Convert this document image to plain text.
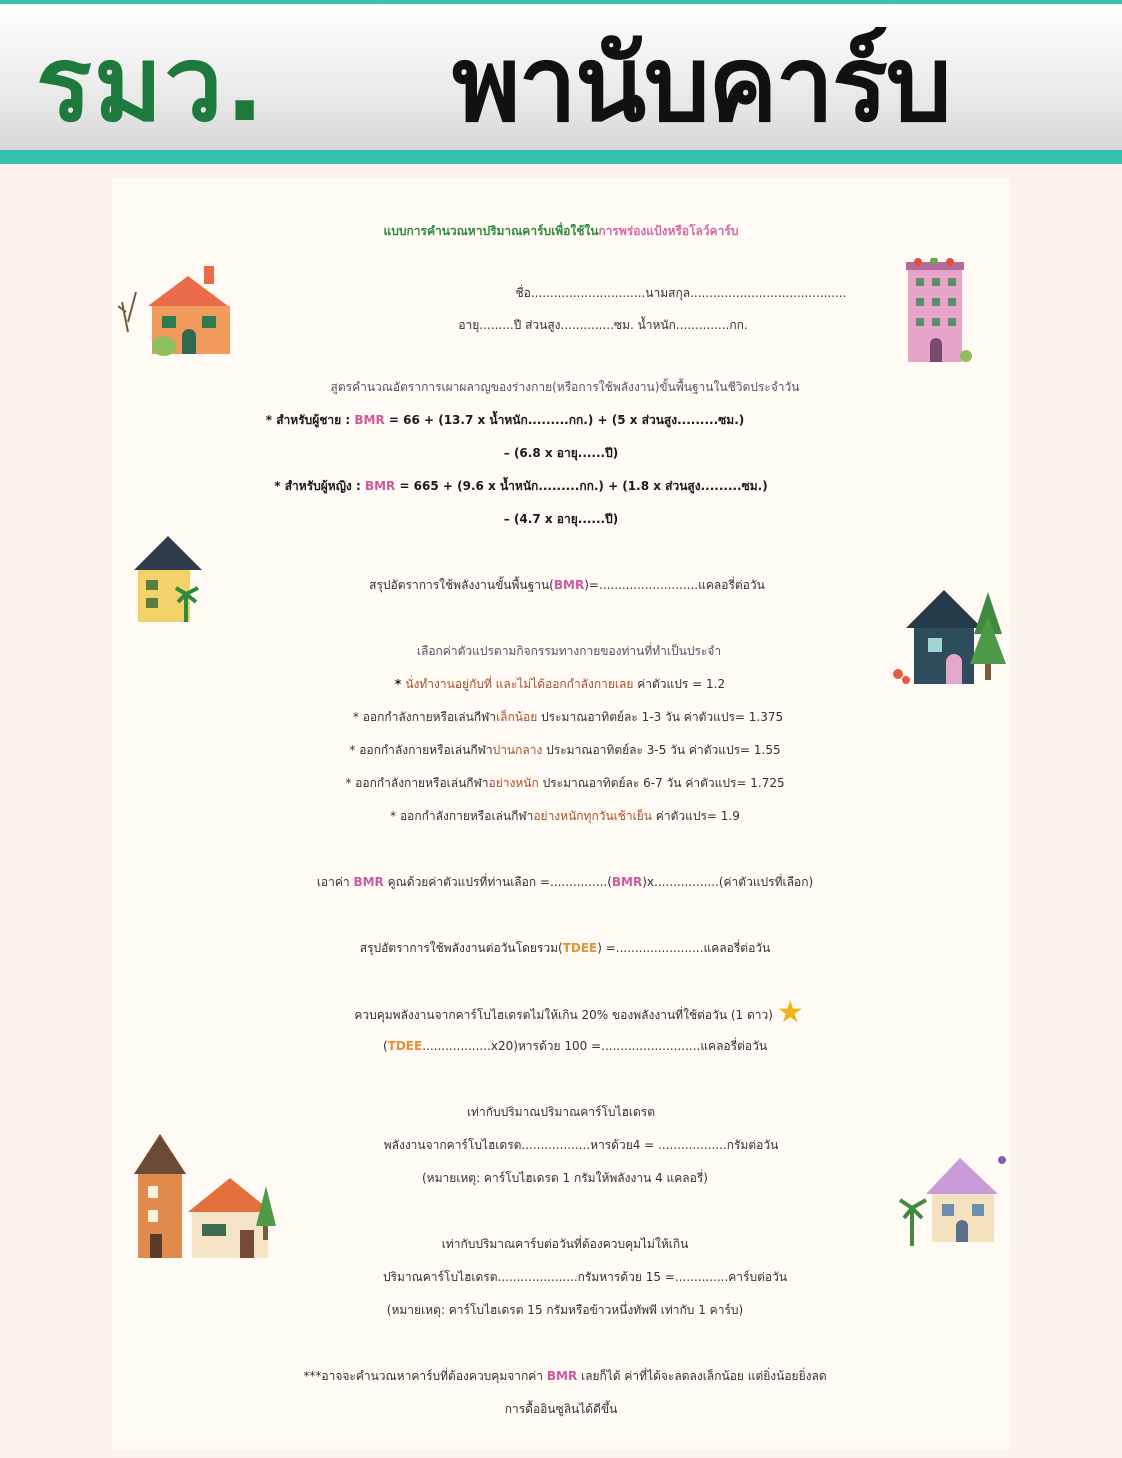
รมว. พานับคาร์บ
แบบการคำนวณหาปริมาณคาร์บเพื่อใช้ในการพร่องแป้งหรือโลว์คาร์บ
ชื่อ..............................นามสกุล.........................................
อายุ.........ปี ส่วนสูง..............ซม. น้ำหนัก..............กก.
สูตรคำนวณอัตราการเผาผลาญของร่างกาย(หรือการใช้พลังงาน)ขั้นพื้นฐานในชีวิตประจำวัน
* สำหรับผู้ชาย : BMR = 66 + (13.7 x น้ำหนัก.........กก.) + (5 x ส่วนสูง.........ซม.)
– (6.8 x อายุ......ปี)
* สำหรับผู้หญิง : BMR = 665 + (9.6 x น้ำหนัก.........กก.) + (1.8 x ส่วนสูง.........ซม.)
– (4.7 x อายุ......ปี)
สรุปอัตราการใช้พลังงานขั้นพื้นฐาน(BMR)=..........................แคลอรี่ต่อวัน
เลือกค่าตัวแปรตามกิจกรรมทางกายของท่านที่ทำเป็นประจำ
* นั่งทำงานอยู่กับที่ และไม่ได้ออกกำลังกายเลย ค่าตัวแปร = 1.2
* ออกกำลังกายหรือเล่นกีฬาเล็กน้อย ประมาณอาทิตย์ละ 1-3 วัน ค่าตัวแปร= 1.375
* ออกกำลังกายหรือเล่นกีฬาปานกลาง ประมาณอาทิตย์ละ 3-5 วัน ค่าตัวแปร= 1.55
* ออกกำลังกายหรือเล่นกีฬาอย่างหนัก ประมาณอาทิตย์ละ 6-7 วัน ค่าตัวแปร= 1.725
* ออกกำลังกายหรือเล่นกีฬาอย่างหนักทุกวันเช้าเย็น ค่าตัวแปร= 1.9
เอาค่า BMR คูณด้วยค่าตัวแปรที่ท่านเลือก =...............(BMR)x.................(ค่าตัวแปรที่เลือก)
สรุปอัตราการใช้พลังงานต่อวันโดยรวม(TDEE) =.......................แคลอรี่ต่อวัน
ควบคุมพลังงานจากคาร์โบไฮเดรตไม่ให้เกิน 20% ของพลังงานที่ใช้ต่อวัน (1 ดาว) ★
(TDEE..................x20)หารด้วย 100 =..........................แคลอรี่ต่อวัน
เท่ากับปริมาณปริมาณคาร์โบไฮเดรต
พลังงานจากคาร์โบไฮเดรต..................หารด้วย4 = ..................กรัมต่อวัน
(หมายเหตุ: คาร์โบไฮเดรต 1 กรัมให้พลังงาน 4 แคลอรี่)
เท่ากับปริมาณคาร์บต่อวันที่ต้องควบคุมไม่ให้เกิน
ปริมาณคาร์โบไฮเดรต.....................กรัมหารด้วย 15 =..............คาร์บต่อวัน
(หมายเหตุ: คาร์โบไฮเดรต 15 กรัมหรือข้าวหนึ่งทัพพี เท่ากับ 1 คาร์บ)
***อาจจะคำนวณหาคาร์บที่ต้องควบคุมจากค่า BMR เลยก็ได้ ค่าที่ได้จะลดลงเล็กน้อย แต่ยิ่งน้อยยิ่งลด
การดื้ออินซูลินได้ดีขึ้น
